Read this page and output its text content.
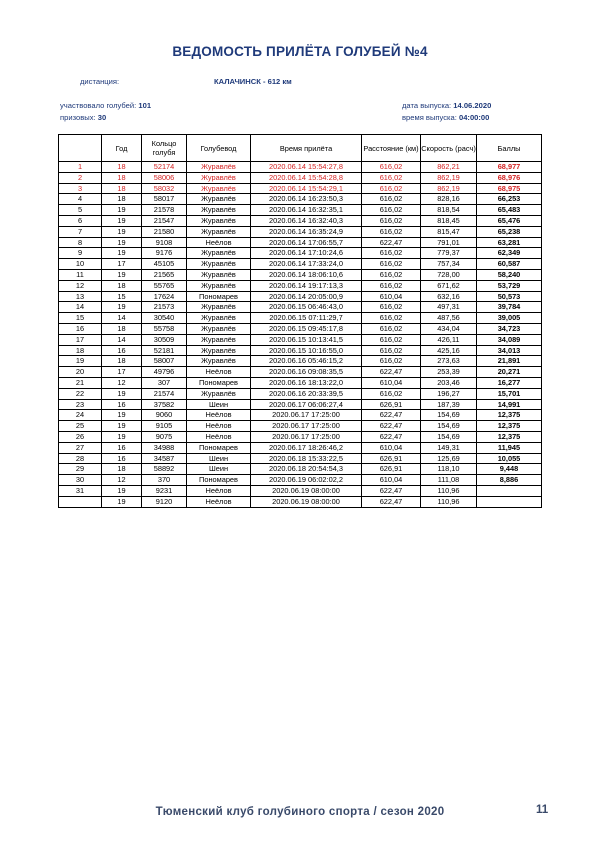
ВЕДОМОСТЬ ПРИЛЁТА ГОЛУБЕЙ №4
дистанция:	КАЛАЧИНСК - 612 км
участвовало голубей: 101
призовых: 30
дата выпуска: 14.06.2020
время выпуска: 04:00:00
	Год	Кольцо голубя	Голубевод	Время прилёта	Расстояние (км)	Скорость (расч)	Баллы
1	18	52174	Журавлёв	2020.06.14 15:54:27,8	616,02	862,21	68,977
2	18	58006	Журавлёв	2020.06.14 15:54:28,8	616,02	862,19	68,976
3	18	58032	Журавлёв	2020.06.14 15:54:29,1	616,02	862,19	68,975
4	18	58017	Журавлёв	2020.06.14 16:23:50,3	616,02	828,16	66,253
5	19	21578	Журавлёв	2020.06.14 16:32:35,1	616,02	818,54	65,483
6	19	21547	Журавлёв	2020.06.14 16:32:40,3	616,02	818,45	65,476
7	19	21580	Журавлёв	2020.06.14 16:35:24,9	616,02	815,47	65,238
8	19	9108	Неёлов	2020.06.14 17:06:55,7	622,47	791,01	63,281
9	19	9176	Журавлёв	2020.06.14 17:10:24,6	616,02	779,37	62,349
10	17	45105	Журавлёв	2020.06.14 17:33:24,0	616,02	757,34	60,587
11	19	21565	Журавлёв	2020.06.14 18:06:10,6	616,02	728,00	58,240
12	18	55765	Журавлёв	2020.06.14 19:17:13,3	616,02	671,62	53,729
13	15	17624	Пономарев	2020.06.14 20:05:00,9	610,04	632,16	50,573
14	19	21573	Журавлёв	2020.06.15 06:46:43,0	616,02	497,31	39,784
15	14	30540	Журавлёв	2020.06.15 07:11:29,7	616,02	487,56	39,005
16	18	55758	Журавлёв	2020.06.15 09:45:17,8	616,02	434,04	34,723
17	14	30509	Журавлёв	2020.06.15 10:13:41,5	616,02	426,11	34,089
18	16	52181	Журавлёв	2020.06.15 10:16:55,0	616,02	425,16	34,013
19	18	58007	Журавлёв	2020.06.16 05:46:15,2	616,02	273,63	21,891
20	17	49796	Неёлов	2020.06.16 09:08:35,5	622,47	253,39	20,271
21	12	307	Пономарев	2020.06.16 18:13:22,0	610,04	203,46	16,277
22	19	21574	Журавлёв	2020.06.16 20:33:39,5	616,02	196,27	15,701
23	16	37582	Шеин	2020.06.17 06:06:27,4	626,91	187,39	14,991
24	19	9060	Неёлов	2020.06.17 17:25:00	622,47	154,69	12,375
25	19	9105	Неёлов	2020.06.17 17:25:00	622,47	154,69	12,375
26	19	9075	Неёлов	2020.06.17 17:25:00	622,47	154,69	12,375
27	16	34988	Пономарев	2020.06.17 18:26:46,2	610,04	149,31	11,945
28	16	34587	Шеин	2020.06.18 15:33:22,5	626,91	125,69	10,055
29	18	58892	Шеин	2020.06.18 20:54:54,3	626,91	118,10	9,448
30	12	370	Пономарев	2020.06.19 06:02:02,2	610,04	111,08	8,886
31	19	9231	Неёлов	2020.06.19 08:00:00	622,47	110,96	
	19	9120	Неёлов	2020.06.19 08:00:00	622,47	110,96	
Тюменский клуб голубиного спорта / сезон 2020	11
